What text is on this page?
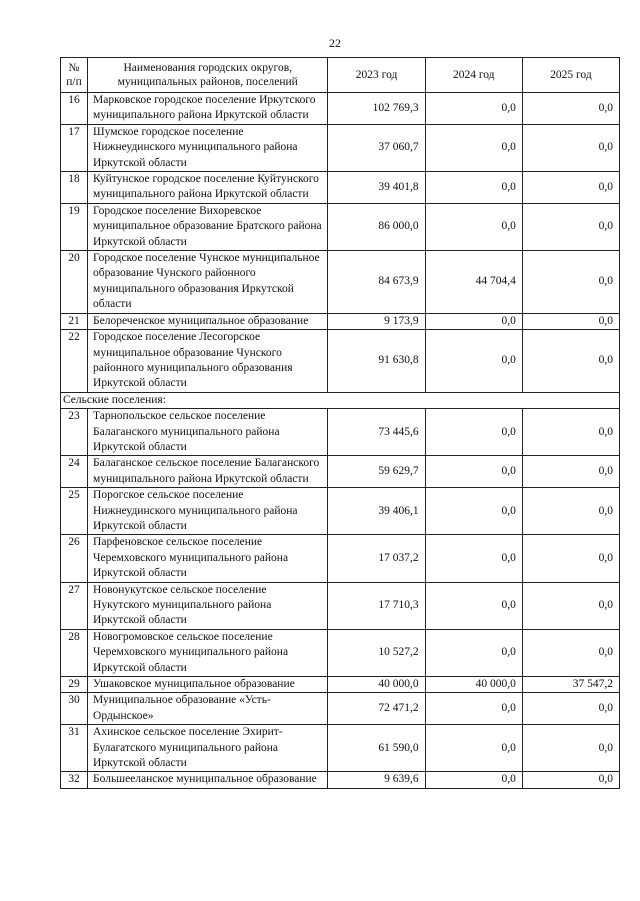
22
№ п/п	Наименования городских округов, муниципальных районов, поселений	2023 год	2024 год	2025 год
16	Марковское городское поселение Иркутского муниципального района Иркутской области	102 769,3	0,0	0,0
17	Шумское городское поселение Нижнеудинского муниципального района Иркутской области	37 060,7	0,0	0,0
18	Куйтунское городское поселение Куйтунского муниципального района Иркутской области	39 401,8	0,0	0,0
19	Городское поселение Вихоревское муниципальное образование Братского района Иркутской области	86 000,0	0,0	0,0
20	Городское поселение Чунское муниципальное образование Чунского районного муниципального образования Иркутской области	84 673,9	44 704,4	0,0
21	Белореченское муниципальное образование	9 173,9	0,0	0,0
22	Городское поселение Лесогорское муниципальное образование Чунского районного муниципального образования Иркутской области	91 630,8	0,0	0,0
Сельские поселения:				
23	Тарнопольское сельское поселение Балаганского муниципального района Иркутской области	73 445,6	0,0	0,0
24	Балаганское сельское поселение Балаганского муниципального района Иркутской области	59 629,7	0,0	0,0
25	Порогское сельское поселение Нижнеудинского муниципального района Иркутской области	39 406,1	0,0	0,0
26	Парфеновское сельское поселение Черемховского муниципального района Иркутской области	17 037,2	0,0	0,0
27	Новонукутское сельское поселение Нукутского муниципального района Иркутской области	17 710,3	0,0	0,0
28	Новогромовское сельское поселение Черемховского муниципального района Иркутской области	10 527,2	0,0	0,0
29	Ушаковское муниципальное образование	40 000,0	40 000,0	37 547,2
30	Муниципальное образование «Усть-Ордынское»	72 471,2	0,0	0,0
31	Ахинское сельское поселение Эхирит-Булагатского муниципального района Иркутской области	61 590,0	0,0	0,0
32	Большееланское муниципальное образование	9 639,6	0,0	0,0
